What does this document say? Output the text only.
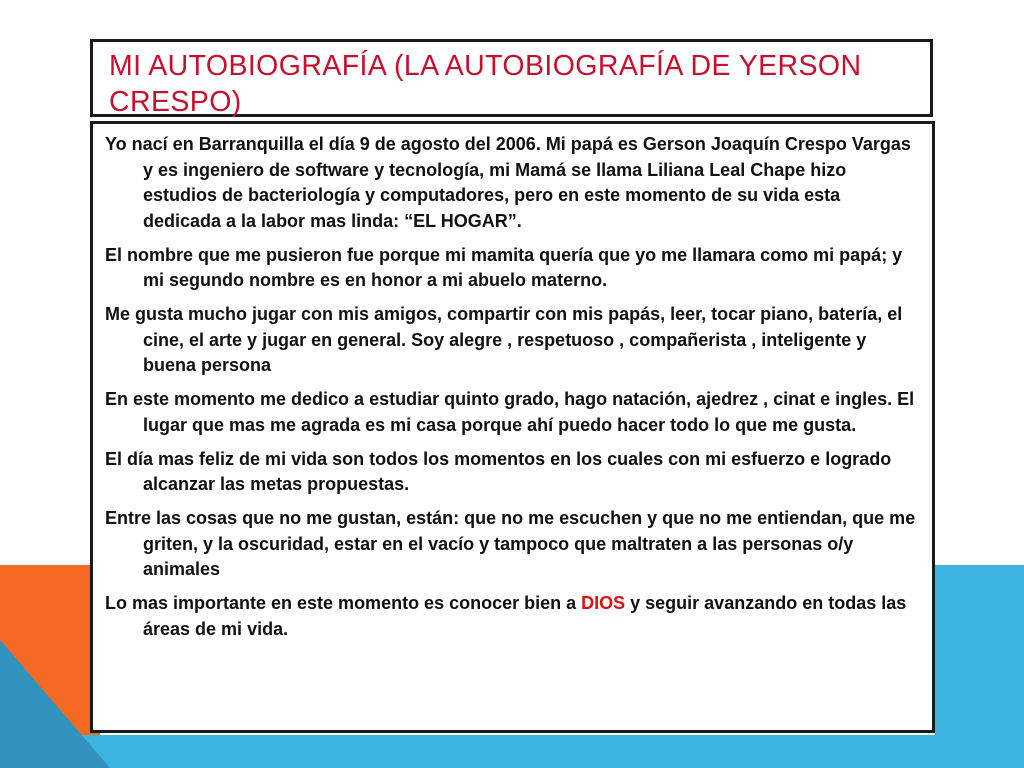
MI AUTOBIOGRAFÍA (LA AUTOBIOGRAFÍA DE YERSON CRESPO)

Yo nací en Barranquilla el día 9 de agosto del 2006. Mi papá es Gerson Joaquín Crespo Vargas y es ingeniero de software y tecnología, mi Mamá se llama Liliana Leal Chape hizo estudios de bacteriología y computadores, pero en este momento de su vida esta dedicada a la labor mas linda: “EL HOGAR”.

El nombre que me pusieron fue porque mi mamita quería que yo me llamara como mi papá; y mi segundo nombre es en honor a mi abuelo materno.

Me gusta mucho jugar con mis amigos, compartir con mis papás, leer, tocar piano, batería, el cine, el arte y jugar en general. Soy alegre , respetuoso , compañerista , inteligente y buena persona

En este momento me dedico a estudiar quinto grado, hago natación, ajedrez , cinat e ingles. El lugar que mas me agrada es mi casa porque ahí puedo hacer todo lo que me gusta.

El día mas feliz de mi vida son todos los momentos en los cuales con mi esfuerzo e logrado alcanzar las metas propuestas.

Entre las cosas que no me gustan, están: que no me escuchen y que no me entiendan, que me griten, y la oscuridad, estar en el vacío y tampoco que maltraten a las personas o/y animales

Lo mas importante en este momento es conocer bien a DIOS y seguir avanzando en todas las áreas de mi vida.
